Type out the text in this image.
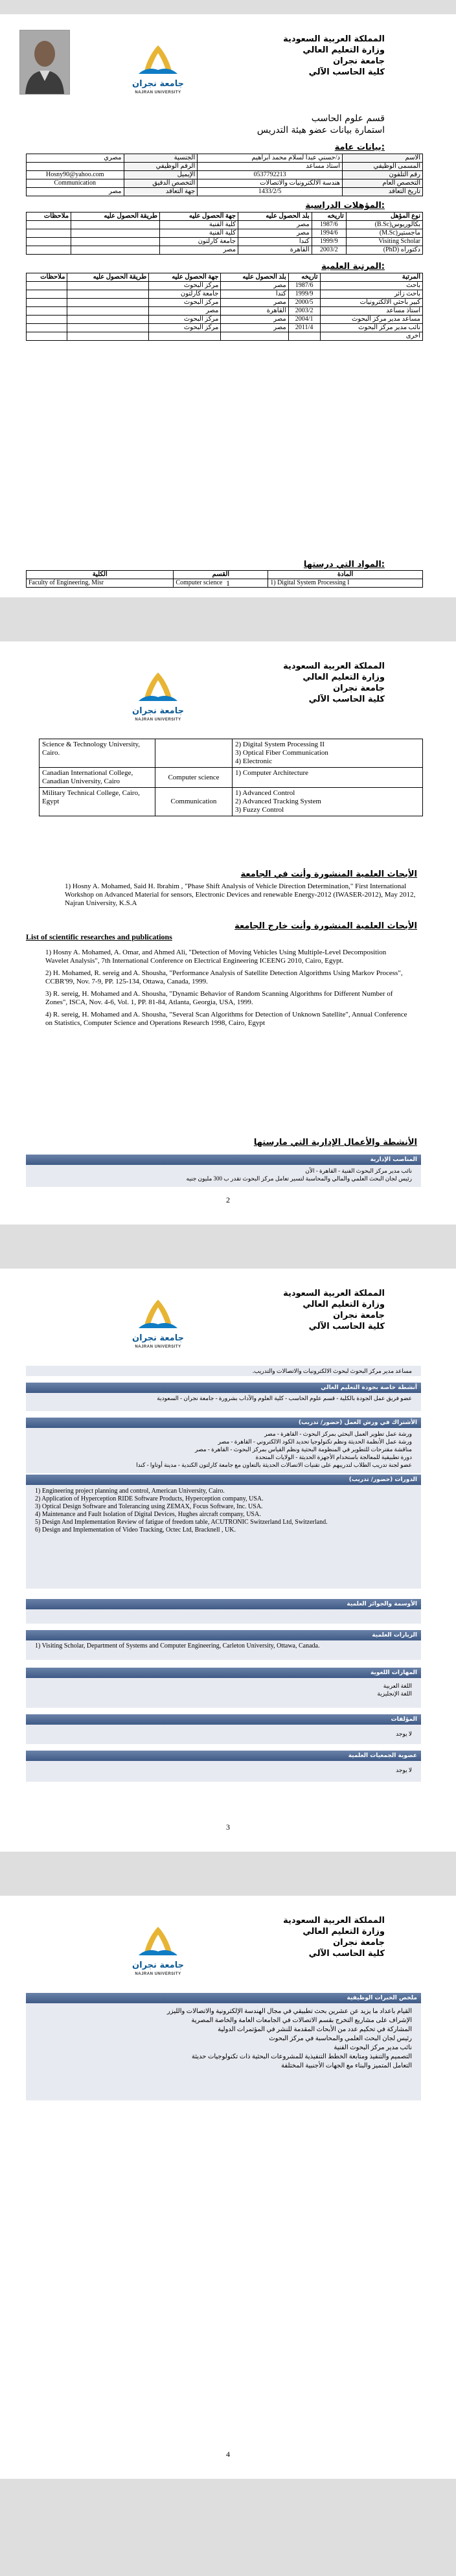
جامعة نجران
NAJRAN UNIVERSITY
المملكة العربية السعودية
وزارة التعليم العالي
جامعة نجران
كلية الحاسب الآلي
قسم علوم الحاسب
استمارة بيانات عضو هيئة التدريس
بيانات عامة:
الاسم	د/حسني عبدا لسلام محمد ابراهيم	الجنسية	مصري
المسمى الوظيفي	أستاذ مساعد	الرقم الوظيفي	
رقم التلفون	0537792213	الإيميل	Hosny90@yahoo.com
التخصص العام	هندسة الالكترونيات والاتصالات	التخصص الدقيق	Communication
تاريخ التعاقد	1433/2/5	جهة التعاقد	مصر
المؤهلات الدراسية:
نوع المؤهل	تاريخه	بلد الحصول عليه	جهة الحصول عليه	طريقة الحصول عليه	ملاحظات
بكالوريوس(B.Sc)	1987/6	مصر	كلية الفنية		
ماجستير(M.Sc)	1994/6	مصر	كلية الفنية		
Visiting Scholar	1999/9	كندا	جامعة كارلتون		
دكتوراه (PhD)	2003/2	القاهرة	مصر		
المرتبة العلمية:
المرتبة	تاريخه	بلد الحصول عليه	جهة الحصول عليه	طريقة الحصول عليه	ملاحظات
باحث	1987/6	مصر	مركز البحوث		
باحث زائر	1999/9	كندا	جامعة كارلتون		
كبير باحثي الالكترونيات	2000/5	مصر	مركز البحوث		
أستاذ مساعد	2003/2	القاهرة	مصر		
مساعد مدير مركز البحوث	2004/1	مصر	مركز البحوث		
نائب مدير مركز البحوث	2011/4	مصر	مركز البحوث		
أخرى					
المواد التي درستها:
الكلية	القسم	المادة
Faculty of Engineering, Misr	Computer science	1) Digital System Processing I
1
جامعة نجران
NAJRAN UNIVERSITY
المملكة العربية السعودية
وزارة التعليم العالي
جامعة نجران
كلية الحاسب الآلي
Science & Technology University, Cairo.		2) Digital System Processing II
3) Optical Fiber Communication
4) Electronic

Canadian International College, Canadian University, Cairo	Computer science	1) Computer Architecture

Military Technical College, Cairo, Egypt	Communication	1) Advanced Control
2) Advanced Tracking System
3) Fuzzy Control
الأبحاث العلمية المنشورة وأنت في الجامعة
1) Hosny A. Mohamed, Said H. Ibrahim , "Phase Shift Analysis of Vehicle Direction Determination," First International Workshop on Advanced Material for sensors, Electronic Devices and renewable Energy-2012 (IWASER-2012), May 2012, Najran University, K.S.A
الأبحاث العلمية المنشورة وأنت خارج الجامعة
List of scientific researches and publications
1) Hosny A. Mohamed, A. Omar, and Ahmed Ali, "Detection of Moving Vehicles Using Multiple-Level Decomposition Wavelet Analysis", 7th International Conference on Electrical Engineering ICEENG 2010, Cairo, Egypt.
2) H. Mohamed, R. sereig and A. Shousha, "Performance Analysis of Satellite Detection Algorithms Using Markov Process", CCBR'99, Nov. 7-9, PP. 125-134, Ottawa, Canada, 1999.
3) R. sereig, H. Mohamed and A. Shousha, "Dynamic Behavior of Random Scanning Algorithms for Different Number of Zones", ISCA, Nov. 4-6, Vol. 1, PP. 81-84, Atlanta, Georgia, USA, 1999.
4) R. sereig, H. Mohamed and A. Shousha, "Several Scan Algorithms for Detection of Unknown Satellite", Annual Conference on Statistics, Computer Science and Operations Research 1998, Cairo, Egypt
الأنشطة والأعمال الإدارية التي مارستها
المناصب الإدارية
نائب مدير مركز البحوث الفنية - القاهرة - الآن
رئيس لجان البحث العلمي والمالي والمحاسبة لتسير تعامل مركز البحوث تقدر ب 300 مليون جنيه
2
جامعة نجران
NAJRAN UNIVERSITY
المملكة العربية السعودية
وزارة التعليم العالي
جامعة نجران
كلية الحاسب الآلي
مساعد مدير مركز البحوث لبحوث الالكترونيات والاتصالات والتدريب.
أنشطة خاصة بجودة التعليم العالي
عضو فريق عمل الجودة بالكلية - قسم علوم الحاسب - كلية العلوم والآداب بشرورة - جامعة نجران - السعودية
الأشتراك في ورش العمل (حضور/ تدريب)
ورشة عمل تطوير العمل البحثي بمركز البحوث - القاهرة - مصر
ورشة عمل الأنظمة الحديثة ونظم تكنولوجيا تحديد الكود الالكتروني - القاهرة - مصر
مناقشة مقترحات للتطوير في المنظومة البحثية ونظم القياس بمركز البحوث - القاهرة - مصر
دورة تطبيقية للمعالجة باستخدام الأجهزة الحديثة - الولايات المتحدة
عضو لجنة تدريب الطلاب لتدريبهم على تقنيات الاتصالات الحديثة بالتعاون مع جامعة كارلتون الكندية - مدينة أوتاوا - كندا
الدورات (حضور/ تدريب)
1) Engineering project planning and control, American University, Cairo.
2) Application of Hyperception RIDE Software Products, Hyperception company, USA.
3) Optical Design Software and Tolerancing using ZEMAX, Focus Software, Inc. USA.
4) Maintenance and Fault Isolation of Digital Devices, Hughes aircraft company, USA.
5) Design And Implementation Review of fatigue of freedom table, ACUTRONIC Switzerland Ltd, Switzerland.
6) Design and Implementation of Video Tracking, Octec Ltd, Bracknell , UK.
الأوسمة والجوائز العلمية
الزيارات العلمية
1) Visiting Scholar, Department of Systems and Computer Engineering, Carleton University, Ottawa, Canada.
المهارات اللغوية
اللغة العربية
اللغة الإنجليزية
المؤلفات
لا يوجد
عضوية الجمعيات العلمية
لا يوجد
3
جامعة نجران
NAJRAN UNIVERSITY
المملكة العربية السعودية
وزارة التعليم العالي
جامعة نجران
كلية الحاسب الآلي
ملخص الخبرات الوظيفية
القيام باعداد ما يزيد عن عشرين بحث تطبيقي في مجال الهندسة الإلكترونية والاتصالات والليزر
الإشراف على مشاريع التخرج بقسم الاتصالات في الجامعات العامة والخاصة المصرية
المشاركة في تحكيم عدد من الأبحاث المقدمة للنشر في المؤتمرات الدولية
رئيس لجان البحث العلمي والمحاسبة في مركز البحوث
نائب مدير مركز البحوث الفنية
التصميم والتنفيذ ومتابعة الخطط التنفيذية للمشروعات البحثية ذات تكنولوجيات حديثة
التعامل المتميز والبناء مع الجهات الأجنبية المختلفة
4
